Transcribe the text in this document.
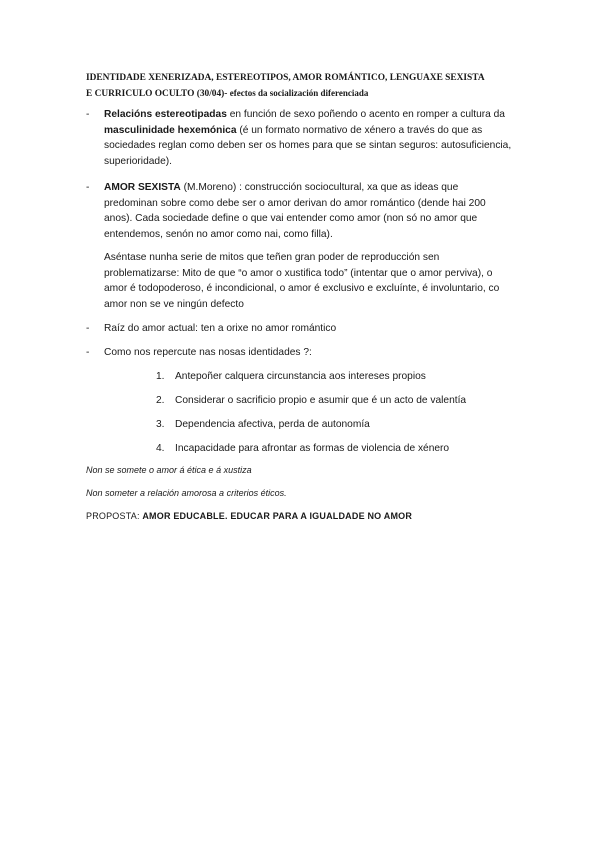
IDENTIDADE XENERIZADA, ESTEREOTIPOS, AMOR ROMÁNTICO, LENGUAXE SEXISTA
E CURRICULO OCULTO (30/04)- efectos da socialización diferenciada
- Relacións estereotipadas en función de sexo poñendo o acento en romper a cultura da masculinidade hexemónica (é un formato normativo de xénero a través do que as sociedades reglan como deben ser os homes para que se sintan seguros: autosuficiencia, superioridade).
- AMOR SEXISTA (M.Moreno) : construcción sociocultural, xa que as ideas que predominan sobre como debe ser o amor derivan do amor romántico (dende hai 200 anos). Cada sociedade define o que vai entender como amor (non só no amor que entendemos, senón no amor como nai, como filla).
Aséntase nunha serie de mitos que teñen gran poder de reproducción sen problematizarse: Mito de que “o amor o xustifica todo” (intentar que o amor perviva), o amor é todopoderoso, é incondicional, o amor é exclusivo e excluínte, é involuntario, co amor non se ve ningún defecto
- Raíz do amor actual: ten a orixe no amor romántico
- Como nos repercute nas nosas identidades ?:
1. Antepoñer calquera circunstancia aos intereses propios
2. Considerar o sacrificio propio e asumir que é un acto de valentía
3. Dependencia afectiva, perda de autonomía
4. Incapacidade para afrontar as formas de violencia de xénero
Non se somete o amor á ética e á xustiza
Non someter a relación amorosa a criterios éticos.
PROPOSTA: AMOR EDUCABLE. EDUCAR PARA A IGUALDADE NO AMOR
